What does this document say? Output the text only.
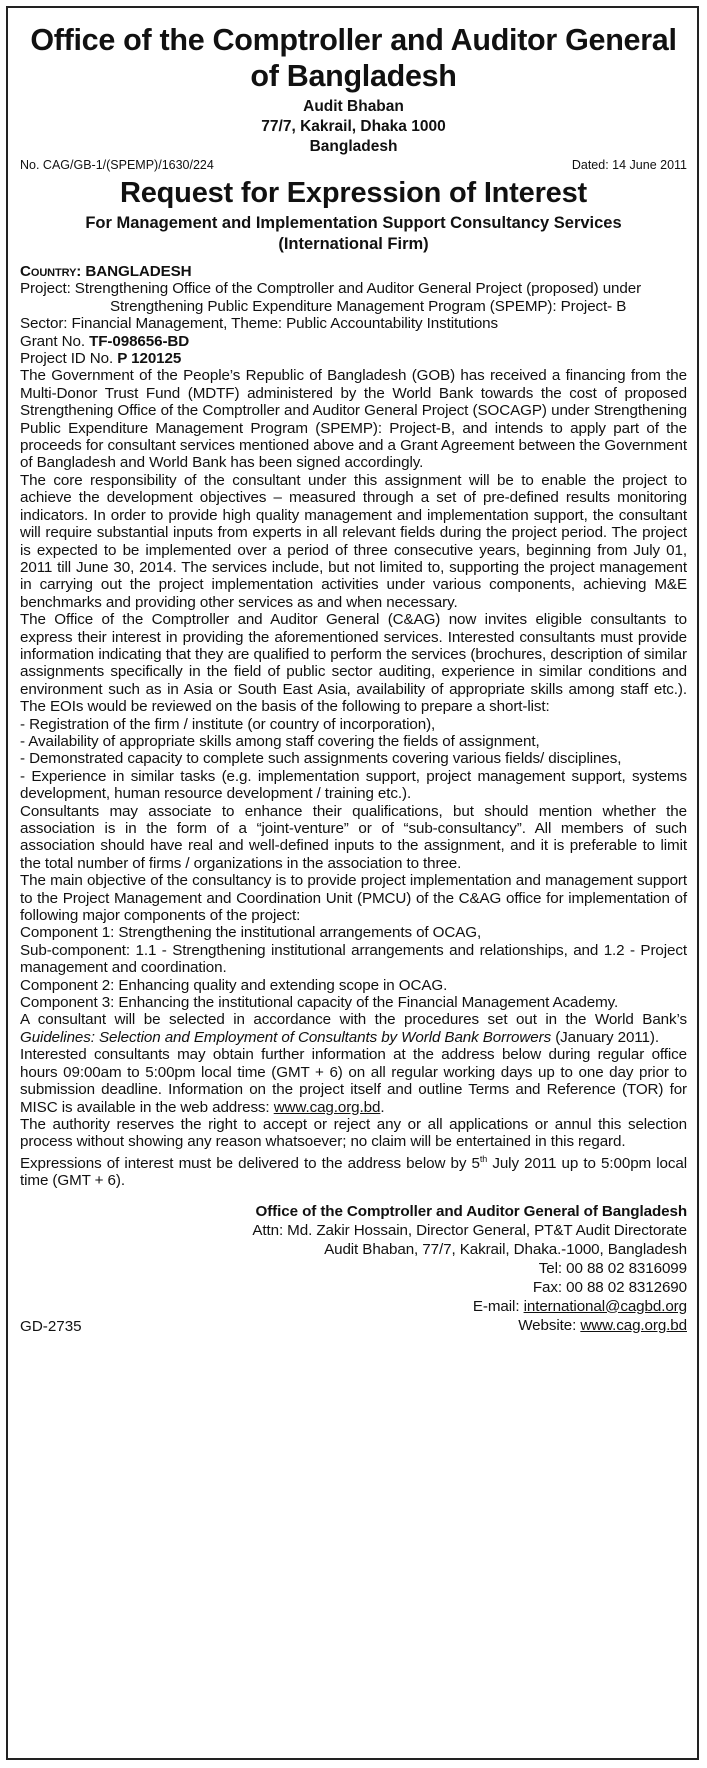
Office of the Comptroller and Auditor General
of Bangladesh
Audit Bhaban
77/7, Kakrail, Dhaka 1000
Bangladesh
No. CAG/GB-1/(SPEMP)/1630/224	Dated: 14 June 2011
Request for Expression of Interest
For Management and Implementation Support Consultancy Services
(International Firm)

Country: BANGLADESH

Project: Strengthening Office of the Comptroller and Auditor General Project (proposed) under

Strengthening Public Expenditure Management Program (SPEMP): Project- B

Sector: Financial Management, Theme: Public Accountability Institutions

Grant No. TF-098656-BD

Project ID No. P 120125

The Government of the People’s Republic of Bangladesh (GOB) has received a financing from the Multi-Donor Trust Fund (MDTF) administered by the World Bank towards the cost of proposed Strengthening Office of the Comptroller and Auditor General Project (SOCAGP) under Strengthening Public Expenditure Management Program (SPEMP): Project-B, and intends to apply part of the proceeds for consultant services mentioned above and a Grant Agreement between the Government of Bangladesh and World Bank has been signed accordingly.

The core responsibility of the consultant under this assignment will be to enable the project to achieve the development objectives – measured through a set of pre-defined results monitoring indicators. In order to provide high quality management and implementation support, the consultant will require substantial inputs from experts in all relevant fields during the project period. The project is expected to be implemented over a period of three consecutive years, beginning from July 01, 2011 till June 30, 2014. The services include, but not limited to, supporting the project management in carrying out the project implementation activities under various components, achieving M&E benchmarks and providing other services as and when necessary.

The Office of the Comptroller and Auditor General (C&AG) now invites eligible consultants to express their interest in providing the aforementioned services. Interested consultants must provide information indicating that they are qualified to perform the services (brochures, description of similar assignments specifically in the field of public sector auditing, experience in similar conditions and environment such as in Asia or South East Asia, availability of appropriate skills among staff etc.). The EOIs would be reviewed on the basis of the following to prepare a short-list:

- Registration of the firm / institute (or country of incorporation),

- Availability of appropriate skills among staff covering the fields of assignment,

- Demonstrated capacity to complete such assignments covering various fields/ disciplines,

- Experience in similar tasks (e.g. implementation support, project management support, systems development, human resource development / training etc.).

Consultants may associate to enhance their qualifications, but should mention whether the association is in the form of a “joint-venture” or of “sub-consultancy”. All members of such association should have real and well-defined inputs to the assignment, and it is preferable to limit the total number of firms / organizations in the association to three.

The main objective of the consultancy is to provide project implementation and management support to the Project Management and Coordination Unit (PMCU) of the C&AG office for implementation of following major components of the project:

Component 1: Strengthening the institutional arrangements of OCAG,

Sub-component: 1.1 - Strengthening institutional arrangements and relationships, and 1.2 - Project management and coordination.

Component 2: Enhancing quality and extending scope in OCAG.

Component 3: Enhancing the institutional capacity of the Financial Management Academy.

A consultant will be selected in accordance with the procedures set out in the World Bank’s Guidelines: Selection and Employment of Consultants by World Bank Borrowers (January 2011).

Interested consultants may obtain further information at the address below during regular office hours 09:00am to 5:00pm local time (GMT + 6) on all regular working days up to one day prior to submission deadline. Information on the project itself and outline Terms and Reference (TOR) for MISC is available in the web address: www.cag.org.bd.

The authority reserves the right to accept or reject any or all applications or annul this selection process without showing any reason whatsoever; no claim will be entertained in this regard.

Expressions of interest must be delivered to the address below by 5th July 2011 up to 5:00pm local time (GMT + 6).

Office of the Comptroller and Auditor General of Bangladesh
Attn: Md. Zakir Hossain, Director General, PT&T Audit Directorate
Audit Bhaban, 77/7, Kakrail, Dhaka.-1000, Bangladesh
Tel: 00 88 02 8316099
Fax: 00 88 02 8312690
E-mail: international@cagbd.org
Website: www.cag.org.bd
GD-2735
